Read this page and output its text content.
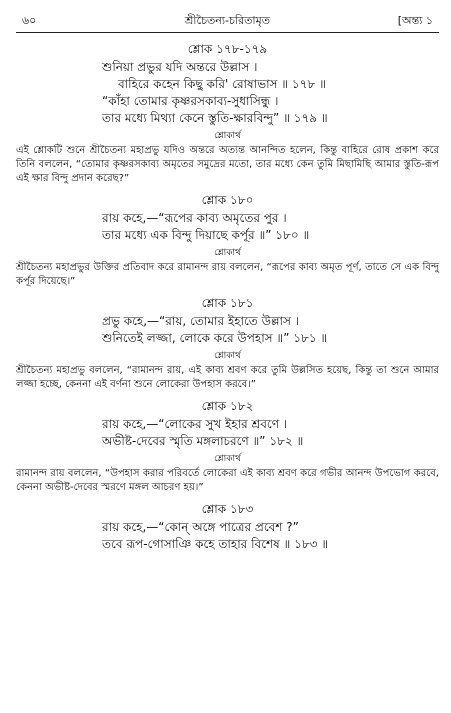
৬০	শ্রীচৈতন্য-চরিতামৃত	[অন্ত্য ১
শ্লোক ১৭৮-১৭৯
শুনিয়া প্রভুর যদি অন্তরে উল্লাস ।
বাহিরে কহেন কিছু করি' রোষাভাস ॥ ১৭৮ ॥
“কাঁহা তোমার কৃষ্ণরসকাব্য-সুধাসিন্ধু ।
তার মধ্যে মিথ্যা কেনে স্তুতি-ক্ষারবিন্দু” ॥ ১৭৯ ॥
শ্লোকার্থ
এই শ্লোকটি শুনে শ্রীচৈতন্য মহাপ্রভু যদিও অন্তরে অত্যন্ত আনন্দিত হলেন, কিন্তু বাহিরে রোষ প্রকাশ করে তিনি বললেন, “তোমার কৃষ্ণরসকাব্য অমৃতের সমুদ্রের মতো, তার মধ্যে কেন তুমি মিছামিছি আমার স্তুতি-রূপ এই ক্ষার বিন্দু প্রদান করেছ?”
শ্লোক ১৮০
রায় কহে,—“রূপের কাব্য অমৃতের পুর ।
তার মধ্যে এক বিন্দু দিয়াছে কর্পূর ॥” ১৮০ ॥
শ্লোকার্থ
শ্রীচৈতন্য মহাপ্রভুর উক্তির প্রতিবাদ করে রামানন্দ রায় বললেন, “রূপের কাব্য অমৃত পূর্ণ, তাতে সে এক বিন্দু কর্পূর দিয়েছে।”
শ্লোক ১৮১
প্রভু কহে,—“রায়, তোমার ইহাতে উল্লাস ।
শুনিতেই লজ্জা, লোকে করে উপহাস ॥” ১৮১ ॥
শ্লোকার্থ
শ্রীচৈতন্য মহাপ্রভু বললেন, “রামানন্দ রায়, এই কাব্য শ্রবণ করে তুমি উল্লসিত হয়েছ, কিন্তু তা শুনে আমার লজ্জা হচ্ছে, কেননা এই বর্ণনা শুনে লোকেরা উপহাস করবে।”
শ্লোক ১৮২
রায় কহে,—“লোকের সুখ ইহার শ্রবণে ।
অভীষ্ট-দেবের স্মৃতি মঙ্গলাচরণে ॥” ১৮২ ॥
শ্লোকার্থ
রামানন্দ রায় বললেন, “উপহাস করার পরিবর্তে লোকেরা এই কাব্য শ্রবণ করে গভীর আনন্দ উপভোগ করবে, কেননা অভীষ্ট-দেবের স্মরণে মঙ্গল আচরণ হয়।”
শ্লোক ১৮৩
রায় কহে,—“কোন্ অঙ্গে পাত্রের প্রবেশ ?”
তবে রূপ-গোসাঞি কহে তাহার বিশেষ ॥ ১৮৩ ॥
